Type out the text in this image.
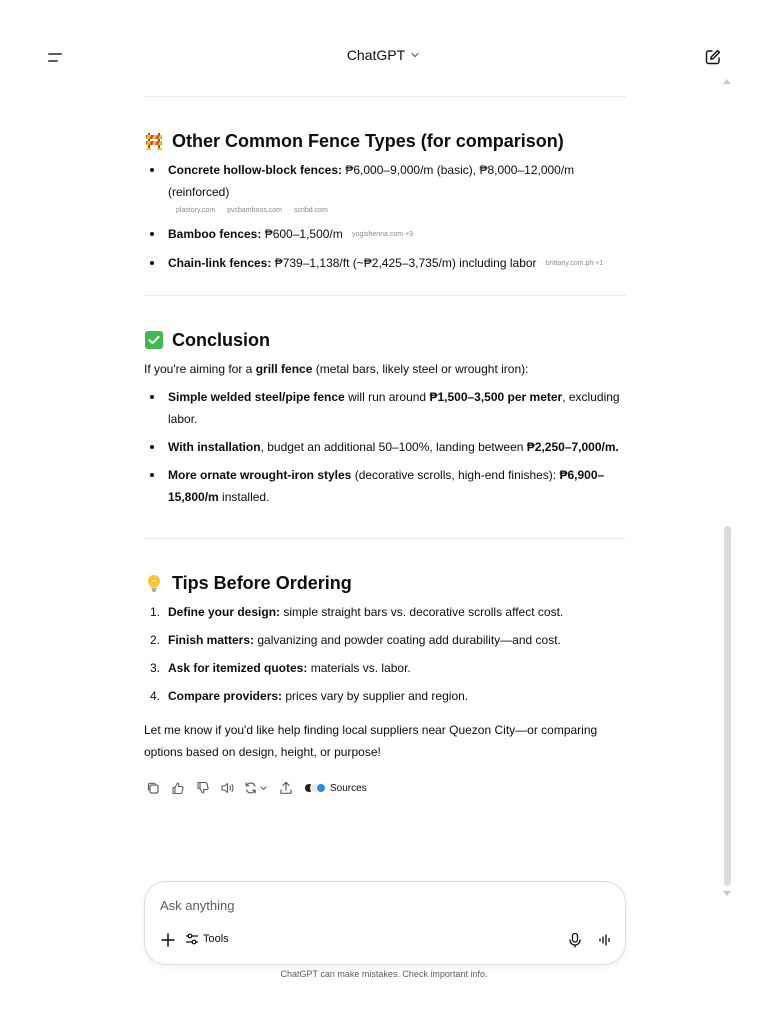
ChatGPT
Other Common Fence Types (for comparison)
Concrete hollow-block fences: ₱6,000–9,000/m (basic), ₱8,000–12,000/m (reinforced)
plastory.com pvcbamboos.com scribd.com
Bamboo fences: ₱600–1,500/m yogishenna.com +9
Chain-link fences: ₱739–1,138/ft (~₱2,425–3,735/m) including labor brittany.com.ph +1
Conclusion

If you're aiming for a grill fence (metal bars, likely steel or wrought iron):

Simple welded steel/pipe fence will run around ₱1,500–3,500 per meter, excluding labor.
With installation, budget an additional 50–100%, landing between ₱2,250–7,000/m.
More ornate wrought-iron styles (decorative scrolls, high-end finishes): ₱6,900–15,800/m installed.
Tips Before Ordering
1. Define your design: simple straight bars vs. decorative scrolls affect cost.
2. Finish matters: galvanizing and powder coating add durability—and cost.
3. Ask for itemized quotes: materials vs. labor.
4. Compare providers: prices vary by supplier and region.

Let me know if you'd like help finding local suppliers near Quezon City—or comparing options based on design, height, or purpose!

Sources
Ask anything
Tools
ChatGPT can make mistakes. Check important info.
